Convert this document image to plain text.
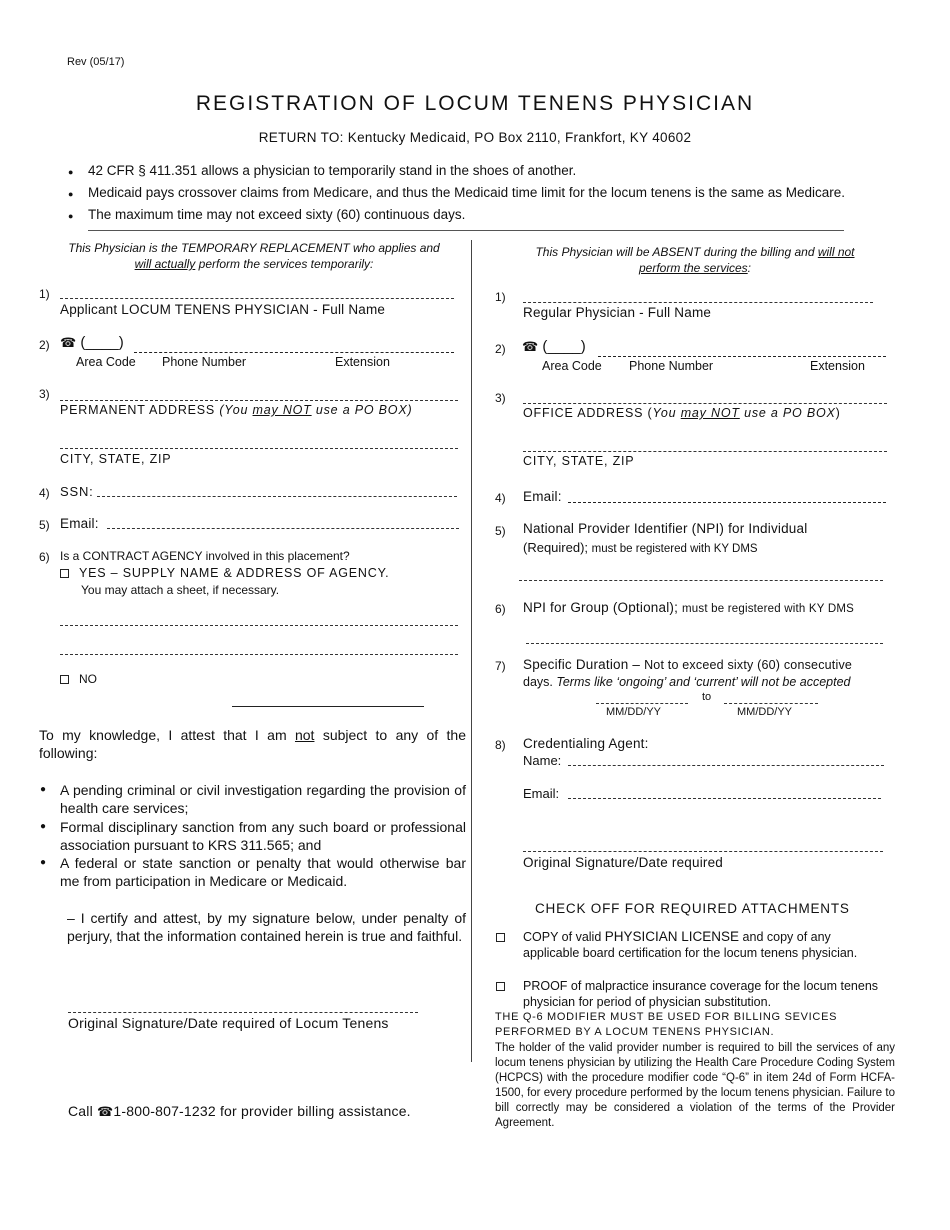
Rev (05/17)
REGISTRATION OF LOCUM TENENS PHYSICIAN
RETURN TO: Kentucky Medicaid, PO Box 2110, Frankfort, KY 40602
● 42 CFR § 411.351 allows a physician to temporarily stand in the shoes of another.
● Medicaid pays crossover claims from Medicare, and thus the Medicaid time limit for the locum tenens is the same as Medicare.
● The maximum time may not exceed sixty (60) continuous days.
This Physician is the TEMPORARY REPLACEMENT who applies and
will actually perform the services temporarily:
1)
Applicant LOCUM TENENS PHYSICIAN - Full Name
2) ☎ (____)
Area Code Phone Number	Extension
3)
PERMANENT ADDRESS (You may NOT use a PO BOX)
CITY, STATE, ZIP
4) SSN:
5) Email:
6) Is a CONTRACT AGENCY involved in this placement?
YES – SUPPLY NAME & ADDRESS OF AGENCY.
You may attach a sheet, if necessary.
NO
To my knowledge, I attest that I am not subject to any of the following:
● A pending criminal or civil investigation regarding the provision of health care services;
● Formal disciplinary sanction from any such board or professional association pursuant to KRS 311.565; and
● A federal or state sanction or penalty that would otherwise bar me from participation in Medicare or Medicaid.
– I certify and attest, by my signature below, under penalty of perjury, that the information contained herein is true and faithful.
Original Signature/Date required of Locum Tenens
Call ☎1-800-807-1232 for provider billing assistance.
This Physician will be ABSENT during the billing and will not
perform the services:
1)
Regular Physician - Full Name
2) ☎ (____)
Area Code Phone Number	Extension
3)
OFFICE ADDRESS (You may NOT use a PO BOX)
CITY, STATE, ZIP
4) Email:
5) National Provider Identifier (NPI) for Individual
(Required); must be registered with KY DMS
6) NPI for Group (Optional); must be registered with KY DMS
7) Specific Duration – Not to exceed sixty (60) consecutive
days. Terms like ‘ongoing’ and ‘current’ will not be accepted
to
MM/DD/YY	MM/DD/YY
8) Credentialing Agent:
Name:
Email:
Original Signature/Date required
CHECK OFF FOR REQUIRED ATTACHMENTS
COPY of valid PHYSICIAN LICENSE and copy of any applicable board certification for the locum tenens physician.
PROOF of malpractice insurance coverage for the locum tenens physician for period of physician substitution.
THE Q-6 MODIFIER MUST BE USED FOR BILLING SEVICES PERFORMED BY A LOCUM TENENS PHYSICIAN.
The holder of the valid provider number is required to bill the services of any locum tenens physician by utilizing the Health Care Procedure Coding System (HCPCS) with the procedure modifier code “Q-6” in item 24d of Form HCFA-1500, for every procedure performed by the locum tenens physician. Failure to bill correctly may be considered a violation of the terms of the Provider Agreement.
